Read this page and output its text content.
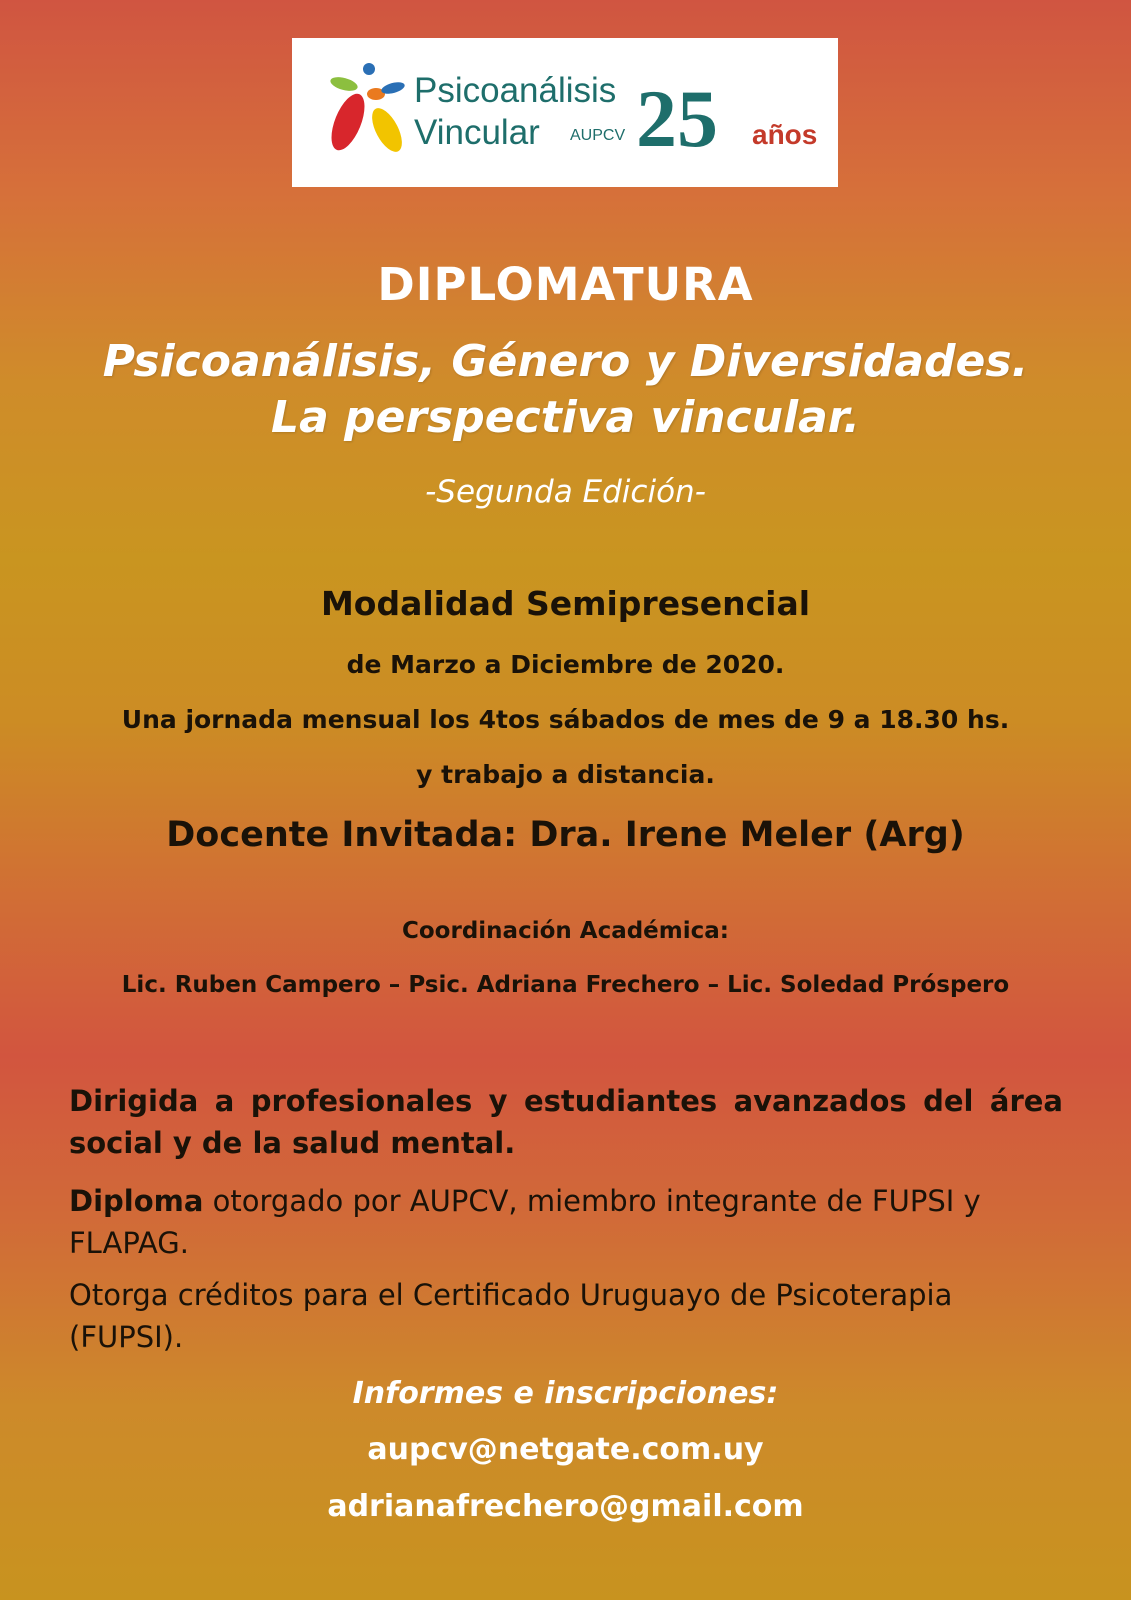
Psicoanálisis
Vincular AUPCV 25 años
DIPLOMATURA
Psicoanálisis, Género y Diversidades.
La perspectiva vincular.
-Segunda Edición-
Modalidad Semipresencial
de Marzo a Diciembre de 2020.
Una jornada mensual los 4tos sábados de mes de 9 a 18.30 hs.
y trabajo a distancia.
Docente Invitada: Dra. Irene Meler (Arg)
Coordinación Académica:
Lic. Ruben Campero – Psic. Adriana Frechero – Lic. Soledad Próspero
Dirigida a profesionales y estudiantes avanzados del área social y de la salud mental.
Diploma otorgado por AUPCV, miembro integrante de FUPSI y FLAPAG.
Otorga créditos para el Certificado Uruguayo de Psicoterapia (FUPSI).
Informes e inscripciones:
aupcv@netgate.com.uy
adrianafrechero@gmail.com
